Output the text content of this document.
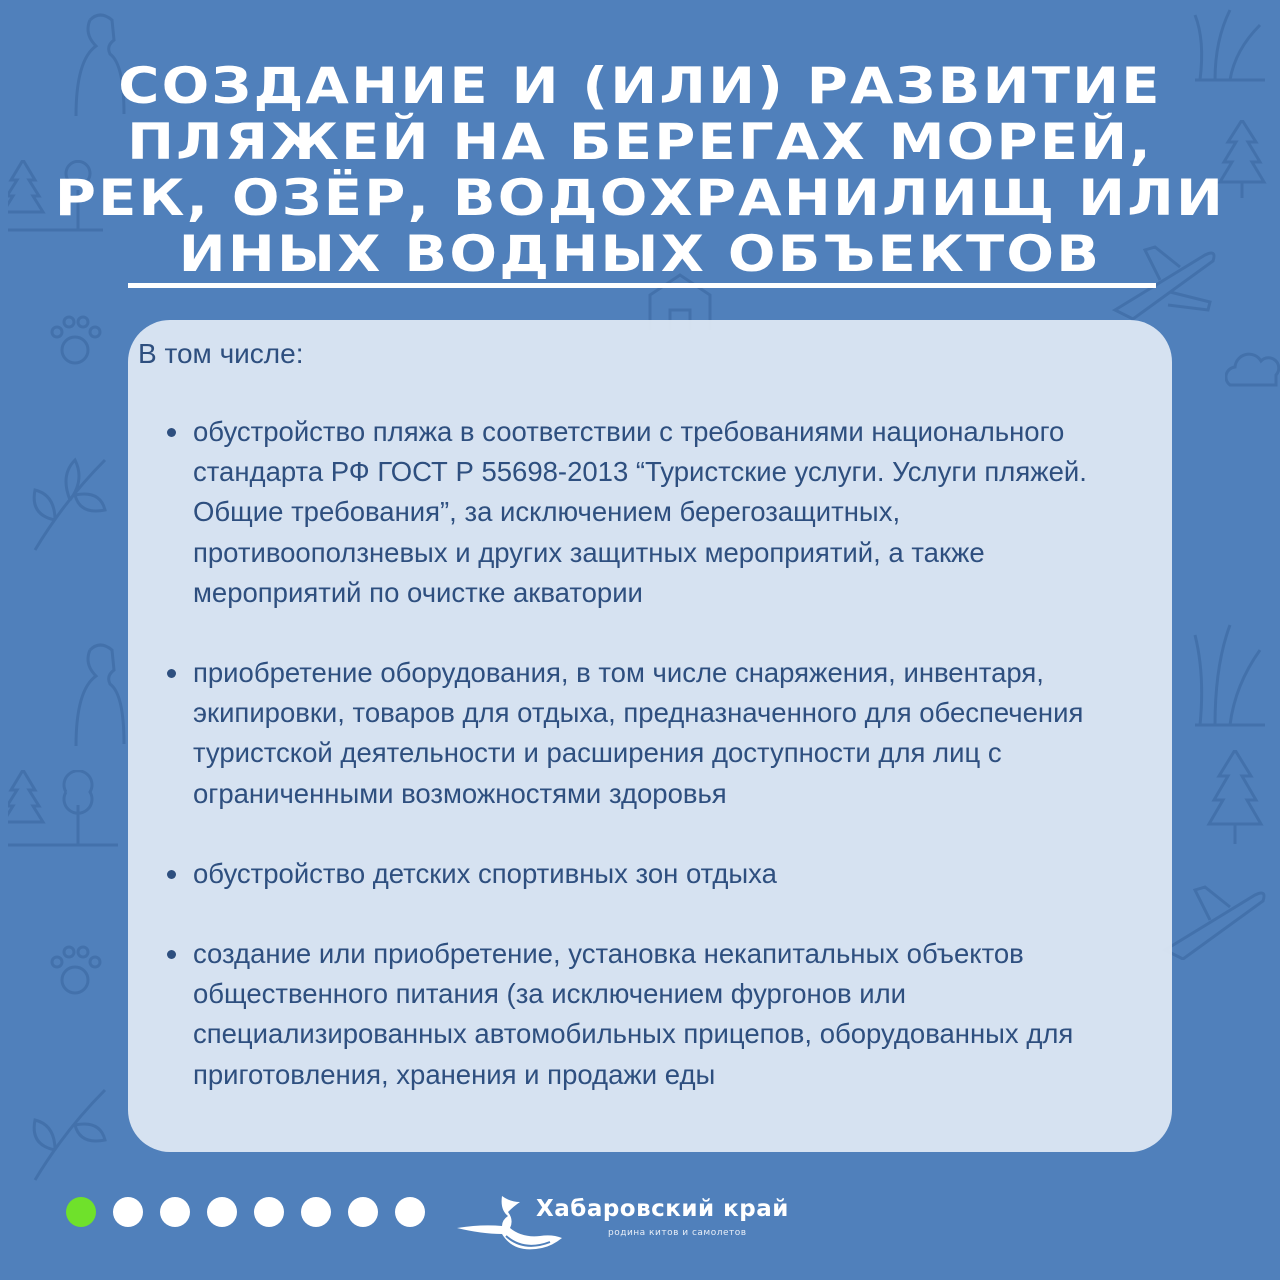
СОЗДАНИЕ И (ИЛИ) РАЗВИТИЕ
ПЛЯЖЕЙ НА БЕРЕГАХ МОРЕЙ,
РЕК, ОЗЁР, ВОДОХРАНИЛИЩ ИЛИ
ИНЫХ ВОДНЫХ ОБЪЕКТОВ
В том числе:
обустройство пляжа в соответствии с требованиями национального стандарта РФ ГОСТ Р 55698-2013 “Туристские услуги. Услуги пляжей. Общие требования”, за исключением берегозащитных, противооползневых и других защитных мероприятий, а также мероприятий по очистке акватории
приобретение оборудования, в том числе снаряжения, инвентаря, экипировки, товаров для отдыха, предназначенного для обеспечения туристской деятельности и расширения доступности для лиц с ограниченными возможностями здоровья
обустройство детских спортивных зон отдыха
создание или приобретение, установка некапитальных объектов общественного питания (за исключением фургонов или специализированных автомобильных прицепов, оборудованных для приготовления, хранения и продажи еды
Хабаровский край
родина китов и самолетов
